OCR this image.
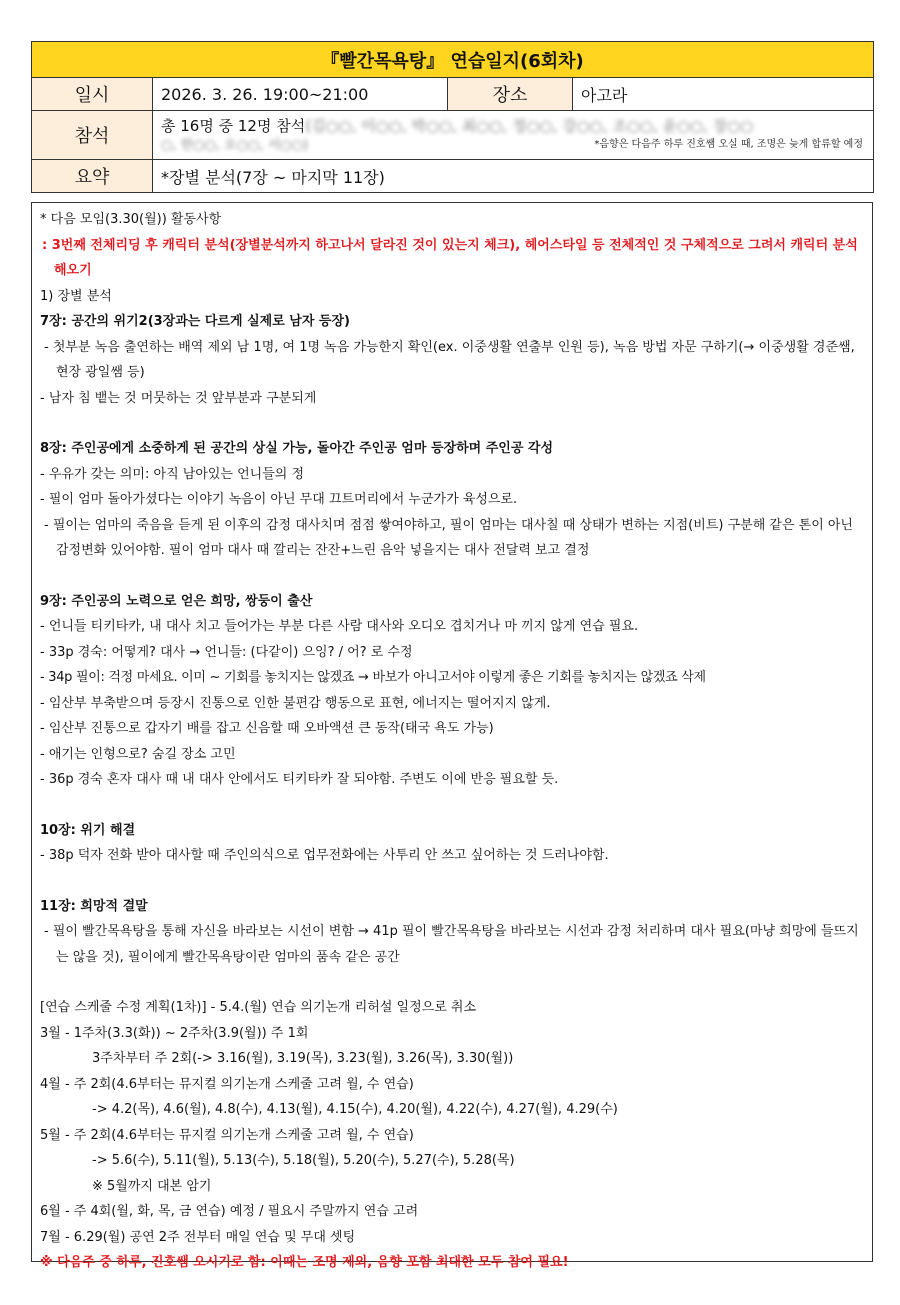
『빨간목욕탕』 연습일지(6회차)			
일시	2026. 3. 26. 19:00~21:00	장소	아고라
참석	총 16명 중 12명 참석(김○○, 이○○, 박○○, 최○○, 정○○, 강○○, 조○○, 윤○○, 장○○
○, 한○○, 오○○, 서○○) *음향은 다음주 하루 진호쌤 오실 때, 조명은 늦게 합류할 예정		

요약	*장별 분석(7장 ~ 마지막 11장)		
* 다음 모임(3.30(월)) 활동사항
: 3번째 전체리딩 후 캐릭터 분석(장별분석까지 하고나서 달라진 것이 있는지 체크), 헤어스타일 등 전체적인 것 구체적으로 그려서 캐릭터 분석해오기
1) 장별 분석
7장: 공간의 위기2(3장과는 다르게 실제로 남자 등장)
- 첫부분 녹음 출연하는 배역 제외 남 1명, 여 1명 녹음 가능한지 확인(ex. 이중생활 연출부 인원 등), 녹음 방법 자문 구하기(→ 이중생활 경준쌤, 현장 광일쌤 등)
- 남자 침 뱉는 것 머뭇하는 것 앞부분과 구분되게
8장: 주인공에게 소중하게 된 공간의 상실 가능, 돌아간 주인공 엄마 등장하며 주인공 각성
- 우유가 갖는 의미: 아직 남아있는 언니들의 정
- 필이 엄마 돌아가셨다는 이야기 녹음이 아닌 무대 끄트머리에서 누군가가 육성으로.
- 필이는 엄마의 죽음을 듣게 된 이후의 감정 대사치며 점점 쌓여야하고, 필이 엄마는 대사칠 때 상태가 변하는 지점(비트) 구분해 같은 톤이 아닌 감정변화 있어야함. 필이 엄마 대사 때 깔리는 잔잔+느린 음악 넣을지는 대사 전달력 보고 결정
9장: 주인공의 노력으로 얻은 희망, 쌍둥이 출산
- 언니들 티키타카, 내 대사 치고 들어가는 부분 다른 사람 대사와 오디오 겹치거나 마 끼지 않게 연습 필요.
- 33p 경숙: 어떻게? 대사 → 언니들: (다같이) 으잉? / 어? 로 수정
- 34p 필이: 걱정 마세요. 이미 ~ 기회를 놓치지는 않겠죠 → 바보가 아니고서야 이렇게 좋은 기회를 놓치지는 않겠죠 삭제
- 임산부 부축받으며 등장시 진통으로 인한 불편감 행동으로 표현, 에너지는 떨어지지 않게.
- 임산부 진통으로 갑자기 배를 잡고 신음할 때 오바액션 큰 동작(태국 욕도 가능)
- 애기는 인형으로? 숨길 장소 고민
- 36p 경숙 혼자 대사 때 내 대사 안에서도 티키타카 잘 되야함. 주변도 이에 반응 필요할 듯.
10장: 위기 해결
- 38p 덕자 전화 받아 대사할 때 주인의식으로 업무전화에는 사투리 안 쓰고 싶어하는 것 드러나야함.
11장: 희망적 결말
- 필이 빨간목욕탕을 통해 자신을 바라보는 시선이 변함 → 41p 필이 빨간목욕탕을 바라보는 시선과 감정 처리하며 대사 필요(마냥 희망에 들뜨지는 않을 것), 필이에게 빨간목욕탕이란 엄마의 품속 같은 공간
[연습 스케줄 수정 계획(1차)] - 5.4.(월) 연습 의기논개 리허설 일정으로 취소
3월 - 1주차(3.3(화)) ~ 2주차(3.9(월)) 주 1회
3주차부터 주 2회(-> 3.16(월), 3.19(목), 3.23(월), 3.26(목), 3.30(월))
4월 - 주 2회(4.6부터는 뮤지컬 의기논개 스케줄 고려 월, 수 연습)
-> 4.2(목), 4.6(월), 4.8(수), 4.13(월), 4.15(수), 4.20(월), 4.22(수), 4.27(월), 4.29(수)
5월 - 주 2회(4.6부터는 뮤지컬 의기논개 스케줄 고려 월, 수 연습)
-> 5.6(수), 5.11(월), 5.13(수), 5.18(월), 5.20(수), 5.27(수), 5.28(목)
※ 5월까지 대본 암기
6월 - 주 4회(월, 화, 목, 금 연습) 예정 / 필요시 주말까지 연습 고려
7월 - 6.29(월) 공연 2주 전부터 매일 연습 및 무대 셋팅
※ 다음주 중 하루, 진호쌤 오시기로 함: 이때는 조명 제외, 음향 포함 최대한 모두 참여 필요!
